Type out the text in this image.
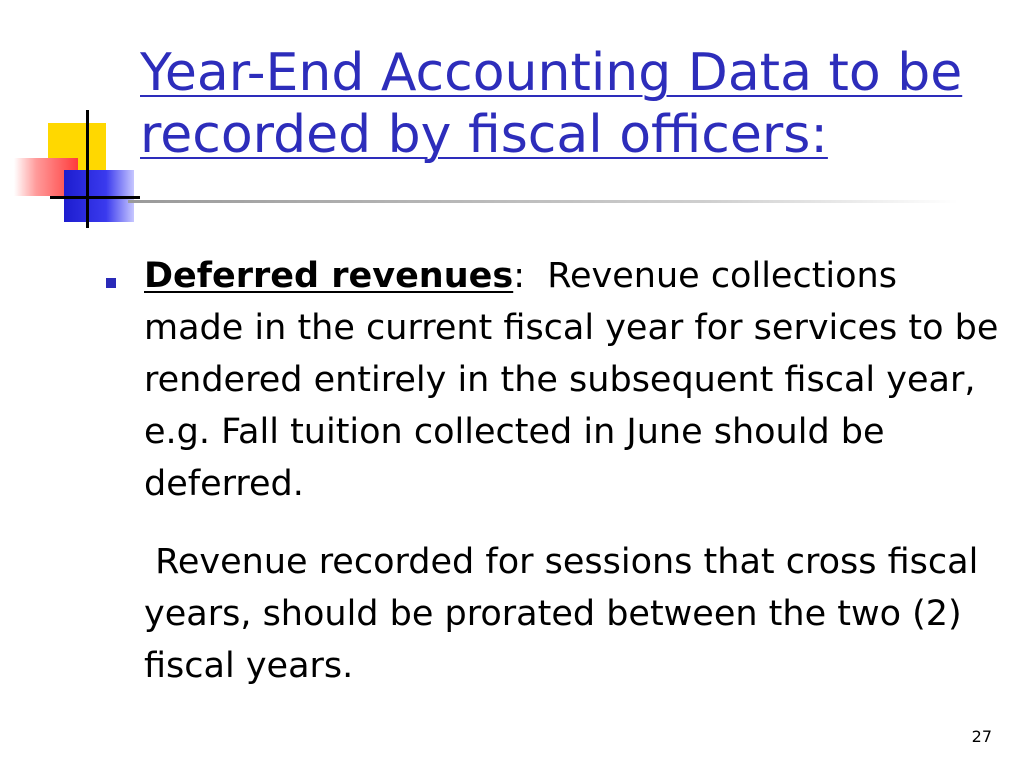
Year-End Accounting Data to be recorded by fiscal officers:

Deferred revenues:  Revenue collections made in the current fiscal year for services to be rendered entirely in the subsequent fiscal year, e.g. Fall tuition collected in June should be deferred.

Revenue recorded for sessions that cross fiscal years, should be prorated between the two (2) fiscal years.

27
